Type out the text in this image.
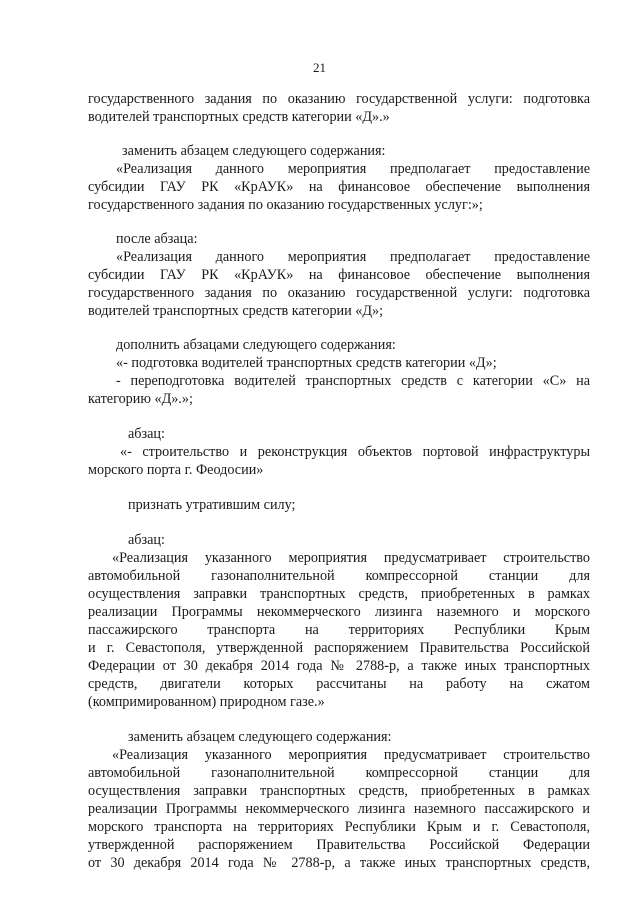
21
государственного задания по оказанию государственной услуги: подготовка
водителей транспортных средств категории «Д».»
заменить абзацем следующего содержания:
«Реализация данного мероприятия предполагает предоставление
субсидии ГАУ РК «КрАУК» на финансовое обеспечение выполнения
государственного задания по оказанию государственных услуг:»;
после абзаца:
«Реализация данного мероприятия предполагает предоставление
субсидии ГАУ РК «КрАУК» на финансовое обеспечение выполнения
государственного задания по оказанию государственной услуги: подготовка
водителей транспортных средств категории «Д»;
дополнить абзацами следующего содержания:
«- подготовка водителей транспортных средств категории «Д»;
- переподготовка водителей транспортных средств с категории «С» на
категорию «Д».»;
абзац:
«- строительство и реконструкция объектов портовой инфраструктуры
морского порта г. Феодосии»
признать утратившим силу;
абзац:
«Реализация указанного мероприятия предусматривает строительство
автомобильной газонаполнительной компрессорной станции для
осуществления заправки транспортных средств, приобретенных в рамках
реализации Программы некоммерческого лизинга наземного и морского
пассажирского транспорта на территориях Республики Крым
и г. Севастополя, утвержденной распоряжением Правительства Российской
Федерации от 30 декабря 2014 года № 2788-р, а также иных транспортных
средств, двигатели которых рассчитаны на работу на сжатом
(компримированном) природном газе.»
заменить абзацем следующего содержания:
«Реализация указанного мероприятия предусматривает строительство
автомобильной газонаполнительной компрессорной станции для
осуществления заправки транспортных средств, приобретенных в рамках
реализации Программы некоммерческого лизинга наземного пассажирского и
морского транспорта на территориях Республики Крым и г. Севастополя,
утвержденной распоряжением Правительства Российской Федерации
от 30 декабря 2014 года № 2788-р, а также иных транспортных средств,
